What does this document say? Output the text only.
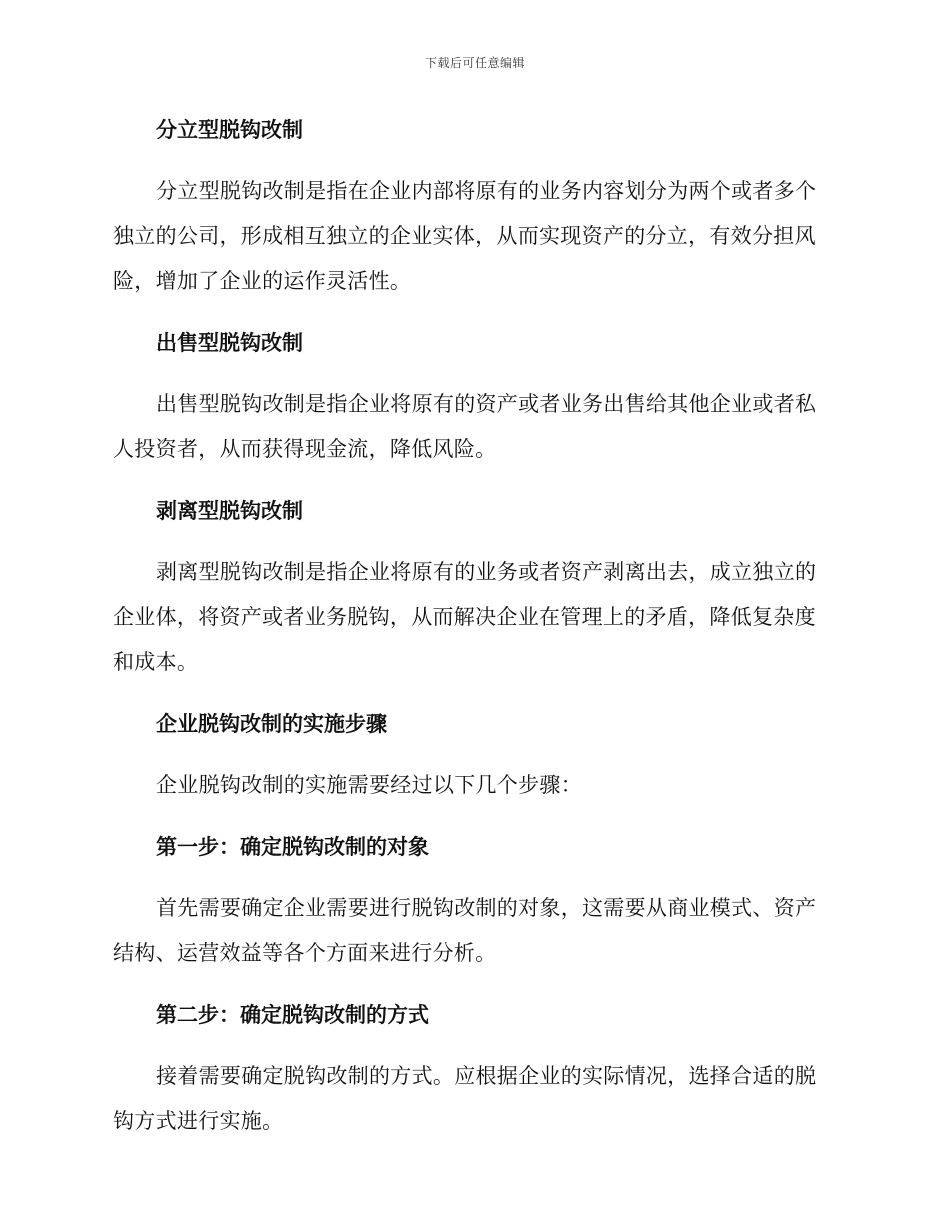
下载后可任意编辑

分立型脱钩改制

分立型脱钩改制是指在企业内部将原有的业务内容划分为两个或者多个独立的公司，形成相互独立的企业实体，从而实现资产的分立，有效分担风险，增加了企业的运作灵活性。

出售型脱钩改制

出售型脱钩改制是指企业将原有的资产或者业务出售给其他企业或者私人投资者，从而获得现金流，降低风险。

剥离型脱钩改制

剥离型脱钩改制是指企业将原有的业务或者资产剥离出去，成立独立的企业体，将资产或者业务脱钩，从而解决企业在管理上的矛盾，降低复杂度和成本。

企业脱钩改制的实施步骤

企业脱钩改制的实施需要经过以下几个步骤：

第一步：确定脱钩改制的对象

首先需要确定企业需要进行脱钩改制的对象，这需要从商业模式、资产结构、运营效益等各个方面来进行分析。

第二步：确定脱钩改制的方式

接着需要确定脱钩改制的方式。应根据企业的实际情况，选择合适的脱钩方式进行实施。
